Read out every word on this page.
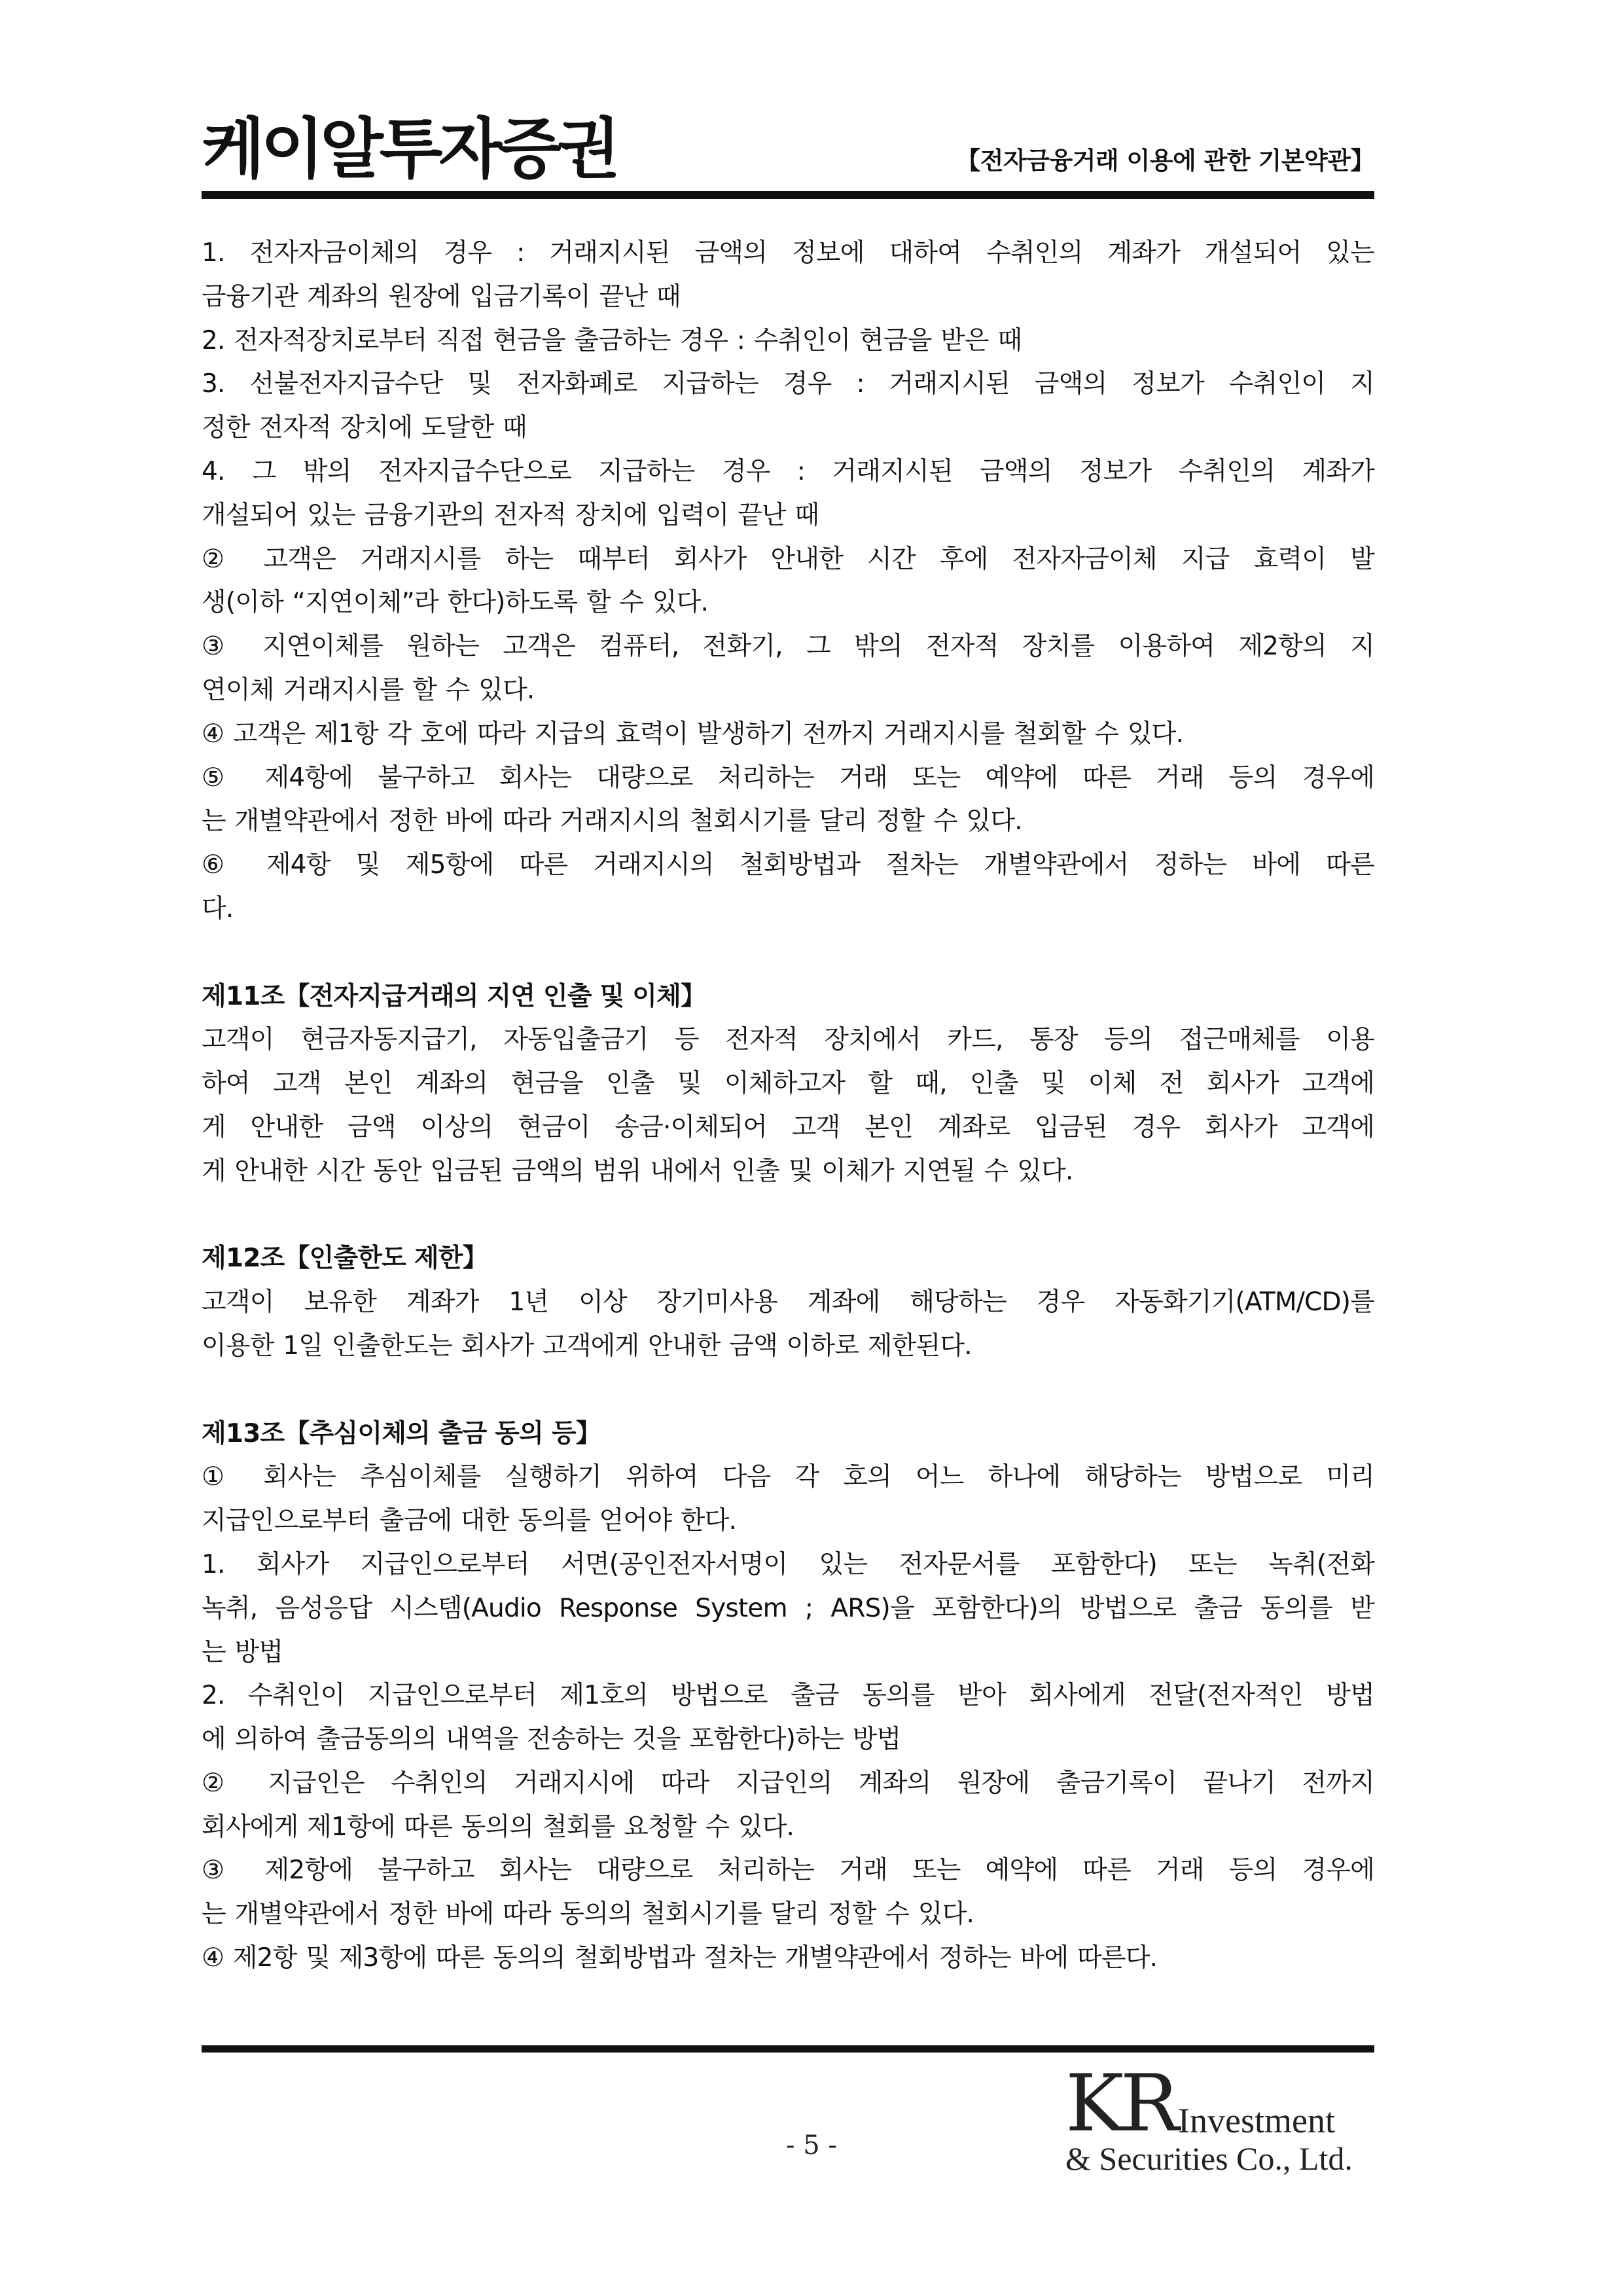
케이알투자증권	【전자금융거래 이용에 관한 기본약관】
1. 전자자금이체의 경우 : 거래지시된 금액의 정보에 대하여 수취인의 계좌가 개설되어 있는
금융기관 계좌의 원장에 입금기록이 끝난 때
2. 전자적장치로부터 직접 현금을 출금하는 경우 : 수취인이 현금을 받은 때
3. 선불전자지급수단 및 전자화폐로 지급하는 경우 : 거래지시된 금액의 정보가 수취인이 지
정한 전자적 장치에 도달한 때
4. 그 밖의 전자지급수단으로 지급하는 경우 : 거래지시된 금액의 정보가 수취인의 계좌가
개설되어 있는 금융기관의 전자적 장치에 입력이 끝난 때
② 고객은 거래지시를 하는 때부터 회사가 안내한 시간 후에 전자자금이체 지급 효력이 발
생(이하 “지연이체”라 한다)하도록 할 수 있다.
③ 지연이체를 원하는 고객은 컴퓨터, 전화기, 그 밖의 전자적 장치를 이용하여 제2항의 지
연이체 거래지시를 할 수 있다.
④ 고객은 제1항 각 호에 따라 지급의 효력이 발생하기 전까지 거래지시를 철회할 수 있다.
⑤ 제4항에 불구하고 회사는 대량으로 처리하는 거래 또는 예약에 따른 거래 등의 경우에
는 개별약관에서 정한 바에 따라 거래지시의 철회시기를 달리 정할 수 있다.
⑥ 제4항 및 제5항에 따른 거래지시의 철회방법과 절차는 개별약관에서 정하는 바에 따른
다.
제11조【전자지급거래의 지연 인출 및 이체】
고객이 현금자동지급기, 자동입출금기 등 전자적 장치에서 카드, 통장 등의 접근매체를 이용
하여 고객 본인 계좌의 현금을 인출 및 이체하고자 할 때, 인출 및 이체 전 회사가 고객에
게 안내한 금액 이상의 현금이 송금·이체되어 고객 본인 계좌로 입금된 경우 회사가 고객에
게 안내한 시간 동안 입금된 금액의 범위 내에서 인출 및 이체가 지연될 수 있다.
제12조【인출한도 제한】
고객이 보유한 계좌가 1년 이상 장기미사용 계좌에 해당하는 경우 자동화기기(ATM/CD)를
이용한 1일 인출한도는 회사가 고객에게 안내한 금액 이하로 제한된다.
제13조【추심이체의 출금 동의 등】
① 회사는 추심이체를 실행하기 위하여 다음 각 호의 어느 하나에 해당하는 방법으로 미리
지급인으로부터 출금에 대한 동의를 얻어야 한다.
1. 회사가 지급인으로부터 서면(공인전자서명이 있는 전자문서를 포함한다) 또는 녹취(전화
녹취, 음성응답 시스템(Audio Response System ; ARS)을 포함한다)의 방법으로 출금 동의를 받
는 방법
2. 수취인이 지급인으로부터 제1호의 방법으로 출금 동의를 받아 회사에게 전달(전자적인 방법
에 의하여 출금동의의 내역을 전송하는 것을 포함한다)하는 방법
② 지급인은 수취인의 거래지시에 따라 지급인의 계좌의 원장에 출금기록이 끝나기 전까지
회사에게 제1항에 따른 동의의 철회를 요청할 수 있다.
③ 제2항에 불구하고 회사는 대량으로 처리하는 거래 또는 예약에 따른 거래 등의 경우에
는 개별약관에서 정한 바에 따라 동의의 철회시기를 달리 정할 수 있다.
④ 제2항 및 제3항에 따른 동의의 철회방법과 절차는 개별약관에서 정하는 바에 따른다.
- 5 -	KR Investment
& Securities Co., Ltd.
